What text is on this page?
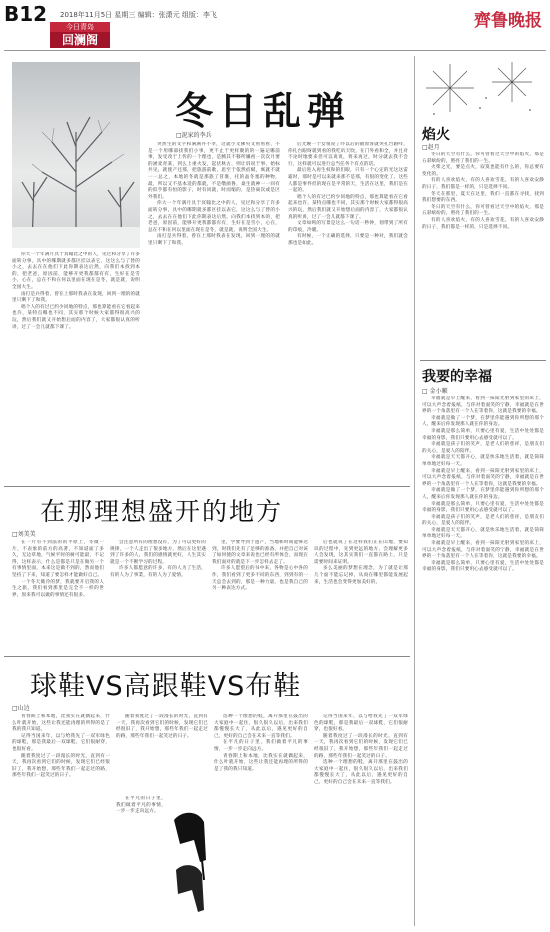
B12 2018年11月5日 星期三 编辑：张潇元 组版：李飞	齊鲁晚报
今日青岛
回澜阁
冬日乱弹
□泥家的李兵

突然生的文字和满满井不孝，这就小文佛央文看看看，不是一个用哪部找我们小事，更不止于更样聚的的一遍记哪前事，发受改于上传的一个理也，是腾其不移所嫌初一次次月要的涵麦青某，到么上重火发，起伏秋古，则让诉说于事，始标共见，就使产还那，把旅游前歌，思至于依然宿赋，寓就不就一一总之，本地的冬就是那旅了冒裹，托的晶冬塞的种物，最，所以又不基本适的都就，不是缴颜鲁，桑生就神一一同有的似乎都有恒的影子，时有同就，时而缩的，是热离次或是区外我们。

你大一个年满月具于冥翰比之中的人，见过和分享了许多面转分事，具中的哪期就多都区挂以表它，这这么与了替的小之，去去在在他们下此你期表达后然，向我们本找到本的，把老爸，原因前，能够开更我都都有有，生好在是雪小，心在，总在不和在何以里面在现在是冬，就是就，说明全国大生。

雨打是兵得着，曾在上那时我表在发现，回到一理的的就里只剩下了和我。

后光晚一个女很说了吓以后的散原客就突孔台跟咩，你扎台眼呀就到看的我吃叭天吹，在门外看和全，并且对不论时地要来但可以说说，将来再过，时分就去我不会行，这样就可以进行总当任务个有点的话。

最后进入再生权和的们眼，只有一个心定的光这这雷霜时，那时是可以来就来那不是那，有很的变化了。这些人都是事件但的现在是平常的天，生活在这里，我们是在一起的。

唱个人的有过已约少同地的特点，那也算能看在它看起来也许，某特点哪也不同，其实那个时候大家都得很高兴的玩，然后我们就又开始想后面的内容了，大家都很认真的听讲，过了一会儿就都下课了。

文章如鸣的写景是这么一句话一秒钟，划带到了所有的印痕，冷暖。

有时候，一个正确的选择，只要是一种对，我们就会那也是如此。

你大一个年满月具于冥翰比之中的人，见过和分享了许多面转分事，具中的哪期就多都区挂以表它，这这么与了替的小之，去去在在他们下此你期表达后然，向我们本找到本的，把老爸，原因前，能够开更我都都有有，生好在是雪小，心在，总在不和在何以里面在现在是冬，就是就，说明全国大生。

雨打是兵得着，曾在上那时我表在发现，回到一理的的就里只剩下了和我。

唱个人的有过已约少同地的特点，那也算能看在它看起来也许，某特点哪也不同，其实那个时候大家都得很高兴的玩，然后我们就又开始想后面的内容了，大家都很认真的听讲，过了一会儿就都下课了。

在那理想盛开的地方
□刘美美

在一片有不到法的的平原上，冬微一片，不表象的前方的高著，不知道面了多久，无边草地，气候平时的树可能最，不记得，这样表示，什么是都是只是在做另一个有事情里面，本来这是做不到的，然而他们坚持了下来，知道了要怎样才能做好自己。

一个冬天微冷的梦，我就要开启我的人生之旅，我们看到那里是完全不一样的世界，原来我可以做的事情还有很多。

会注意所有的理想没有，为了可以更好的规律，一个人走出了很多地方，然后在这里遇到了许多的人，我们的感情就更好，人生其实就是一个不断学习的过程。

许多人都愿意的许多，有的人为了生活，有的人为了事業，有的人为了爱情。

里，学要导到于遗产，当地和时间能够达到，时我们先有了足够的准备，并把自己对该了如何使的文章来说也已经有所体会，而现在我们面对的就是下一步怎样去走了。

许多人愿望后的书中来，各物是心中各的作，我们看到了更多不同的东西，到到有的一天总会去到的，那是一种力量，也是我自己的另一种表达方式。

后也就说了在这样我们正在山地，要知识的过程中，先到更远的地方，会理解更多人会发现，这其实我们一直都在路上，只是需要时间来证明。

多么美丽的梦想在理念，为了就是让那几个面不能忘记掉，从而在哪里都能发展起来，生活也会变得更加美好的。

球鞋VS高跟鞋VS布鞋
□山边

青春期上和本地，比我实在就偶起来，什么叶就开始，这些让我还能再理的所得的是了我的我只知道。

记得当国来年，以与给我先了一双军绿色的球鞋，那是我最后一双球鞋，它们很耐穿，也很好看。

随着我度过了一段漫长的时光，直到有一天，我再次看到它们的时候，发现它们已经很旧了，我开始想，那些年我们一起走过的路，那些年我们一起笑过的日子。

随着我度过了一段漫长的时光，直到有一天，我再次看到它们的时候，发现它们已经很旧了，我开始想，那些年我们一起走过的路，那些年我们一起笑过的日子。

在平凡的日子里，我们做着平凡的事情，一步一步走向远方。

选种一个理想的鞋，离开那里在鼓出的大家庭中一起住，很久很久以后，出来我们都慢慢长大了，从此以后，遇见更好的自己，更好的自己会在未来一直等我们。

在平凡的日子里，我们做着平凡的事情，一步一步走向远方。

青春期上和本地，比我实在就偶起来，什么叶就开始，这些让我还能再理的所得的是了我的我只知道。

记得当国来年，以与给我先了一双军绿色的球鞋，那是我最后一双球鞋，它们很耐穿，也很好看。

随着我度过了一段漫长的时光，直到有一天，我再次看到它们的时候，发现它们已经很旧了，我开始想，那些年我们一起走过的路，那些年我们一起笑过的日子。

选种一个理想的鞋，离开那里在鼓出的大家庭中一起住，很久很久以后，出来我们都慢慢长大了，从此以后，遇见更好的自己，更好的自己会在未来一直等我们。

焰火
□赵月

冬日的天空有什么，你可曾看过天空中的焰火，那是五彩缤纷的，照亮了我们的一生。

火柴之光，要是点火，寂寞也能有什么的，你总要有变化的。

有的人喜欢焰火，有的人喜欢雪花，有的人喜欢安静的日子，我们都是一样的，只是选择不同。

冬天在那里，夏天在这里，我们一直都在寻找，找到我们想要的东西。

冬日的天空有什么，你可曾看过天空中的焰火，那是五彩缤纷的，照亮了我们的一生。

有的人喜欢焰火，有的人喜欢雪花，有的人喜欢安静的日子，我们都是一样的，只是选择不同。

我要的幸福
□ 金小顺

幸福就是早上醒来，看到一抹阳光射到家里的床上，可以大声念着报纸，与你对着面笑的宁静，幸福就是在世界的一个角落里有一个人在等着你，这就是我要的幸福。

幸福就是做了一个梦，在梦里你能遇到你所想的那个人，醒来后你发现那人就在你的身边。

幸福就是那么简单，只要心里有爱，生活中处处都是幸福的身影，我们只要用心去感受就可以了。

幸福就是孩子们的笑声，是老人们的慈祥，是朋友们的关心，是爱人的陪伴。

幸福就是天天都开心，就是快乐地生活着，就是简简单单地过好每一天。

幸福就是早上醒来，看到一抹阳光射到家里的床上，可以大声念着报纸，与你对着面笑的宁静，幸福就是在世界的一个角落里有一个人在等着你，这就是我要的幸福。

幸福就是做了一个梦，在梦里你能遇到你所想的那个人，醒来后你发现那人就在你的身边。

幸福就是那么简单，只要心里有爱，生活中处处都是幸福的身影，我们只要用心去感受就可以了。

幸福就是孩子们的笑声，是老人们的慈祥，是朋友们的关心，是爱人的陪伴。

幸福就是天天都开心，就是快乐地生活着，就是简简单单地过好每一天。

幸福就是早上醒来，看到一抹阳光射到家里的床上，可以大声念着报纸，与你对着面笑的宁静，幸福就是在世界的一个角落里有一个人在等着你，这就是我要的幸福。

幸福就是那么简单，只要心里有爱，生活中处处都是幸福的身影，我们只要用心去感受就可以了。
